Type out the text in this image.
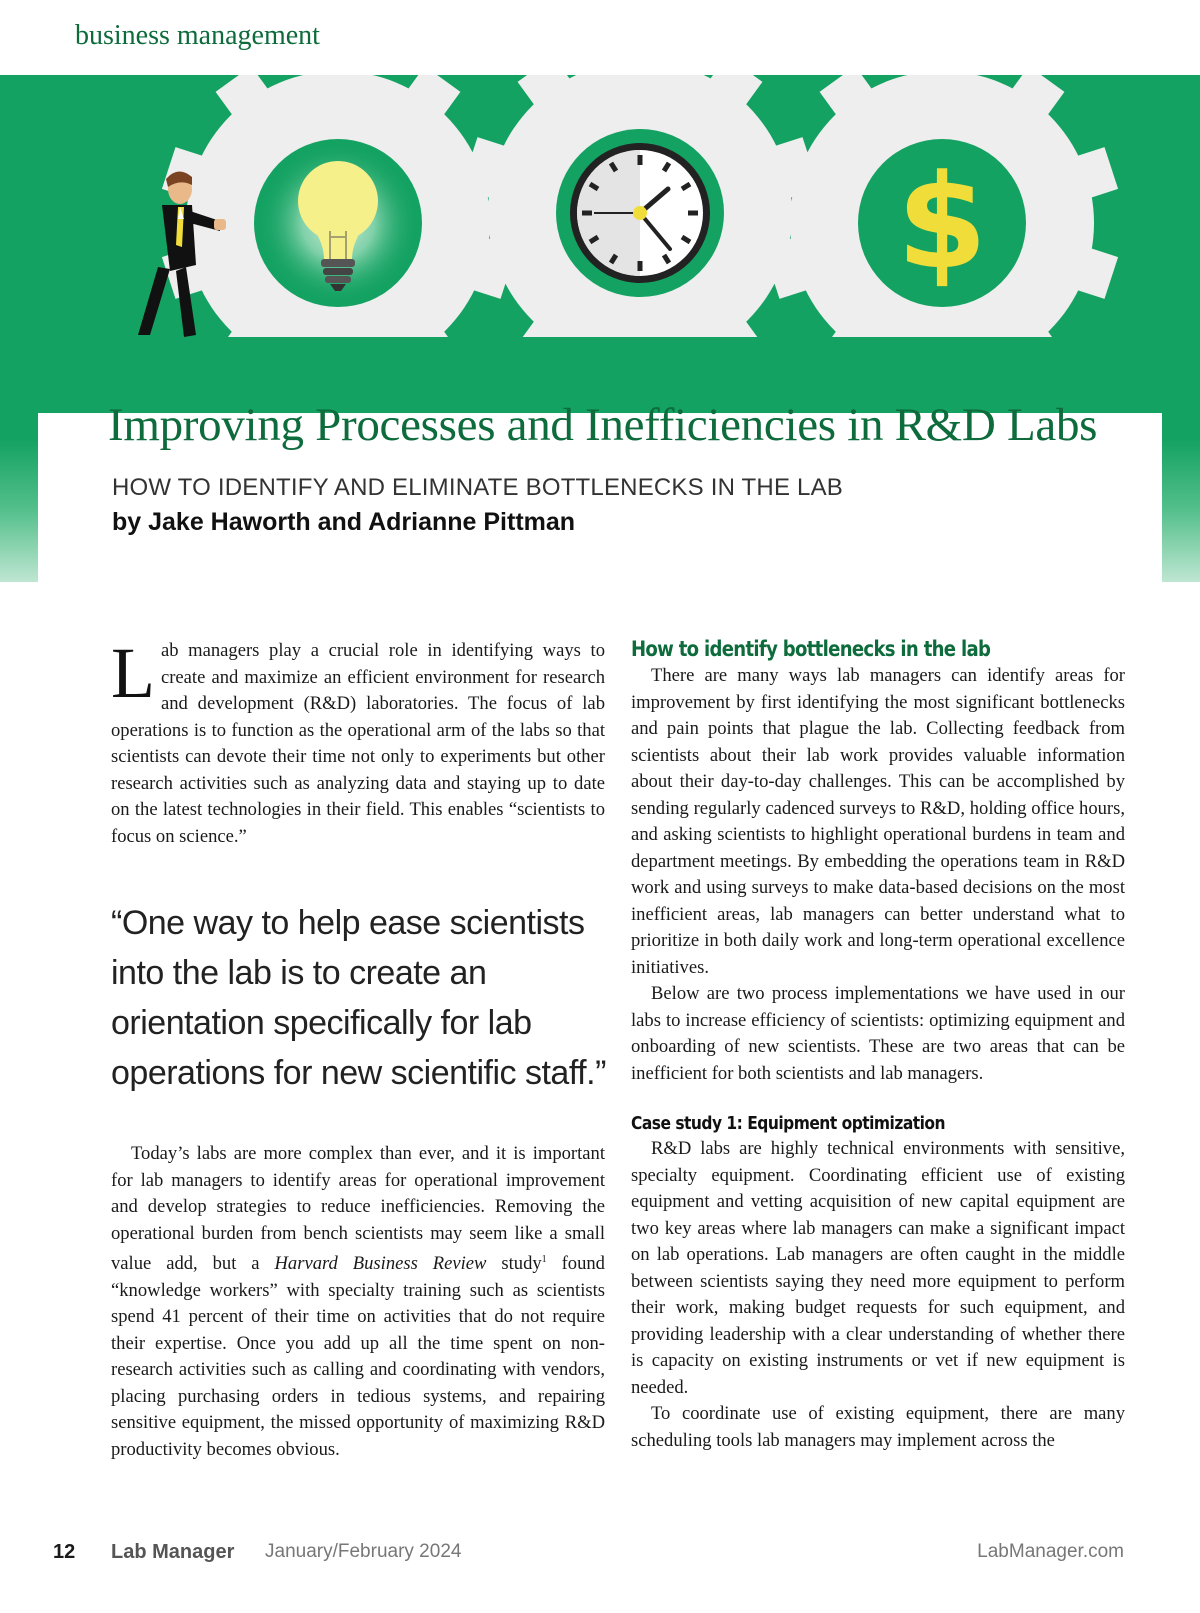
business management
$
Improving Processes and Inefficiencies in R&D Labs
HOW TO IDENTIFY AND ELIMINATE BOTTLENECKS IN THE LAB
by Jake Haworth and Adrianne Pittman

Lab managers play a crucial role in identifying ways to create and maximize an efficient environment for research and development (R&D) laboratories. The focus of lab operations is to function as the operational arm of the labs so that scientists can devote their time not only to experiments but other research activities such as analyzing data and staying up to date on the latest technologies in their field. This enables “scientists to focus on science.”

“One way to help ease scientists into the lab is to create an orientation specifically for lab operations for new scientific staff.”

Today’s labs are more complex than ever, and it is important for lab managers to identify areas for operational improvement and develop strategies to reduce inefficiencies. Removing the operational burden from bench scientists may seem like a small value add, but a Harvard Business Review study$^1$ found “knowledge workers” with specialty training such as scientists spend 41 percent of their time on activities that do not require their expertise. Once you add up all the time spent on non-research activities such as calling and coordinating with vendors, placing purchasing orders in tedious systems, and repairing sensitive equipment, the missed opportunity of maximizing R&D productivity becomes obvious.

How to identify bottlenecks in the lab

There are many ways lab managers can identify areas for improvement by first identifying the most significant bottlenecks and pain points that plague the lab. Collecting feedback from scientists about their lab work provides valuable information about their day-to-day challenges. This can be accomplished by sending regularly cadenced surveys to R&D, holding office hours, and asking scientists to highlight operational burdens in team and department meetings. By embedding the operations team in R&D work and using surveys to make data-based decisions on the most inefficient areas, lab managers can better understand what to prioritize in both daily work and long-term operational excellence initiatives.

Below are two process implementations we have used in our labs to increase efficiency of scientists: optimizing equipment and onboarding of new scientists. These are two areas that can be inefficient for both scientists and lab managers.

Case study 1: Equipment optimization

R&D labs are highly technical environments with sensitive, specialty equipment. Coordinating efficient use of existing equipment and vetting acquisition of new capital equipment are two key areas where lab managers can make a significant impact on lab operations. Lab managers are often caught in the middle between scientists saying they need more equipment to perform their work, making budget requests for such equipment, and providing leadership with a clear understanding of whether there is capacity on existing instruments or vet if new equipment is needed.

To coordinate use of existing equipment, there are many scheduling tools lab managers may implement across the

12 Lab Manager January/February 2024	LabManager.com
